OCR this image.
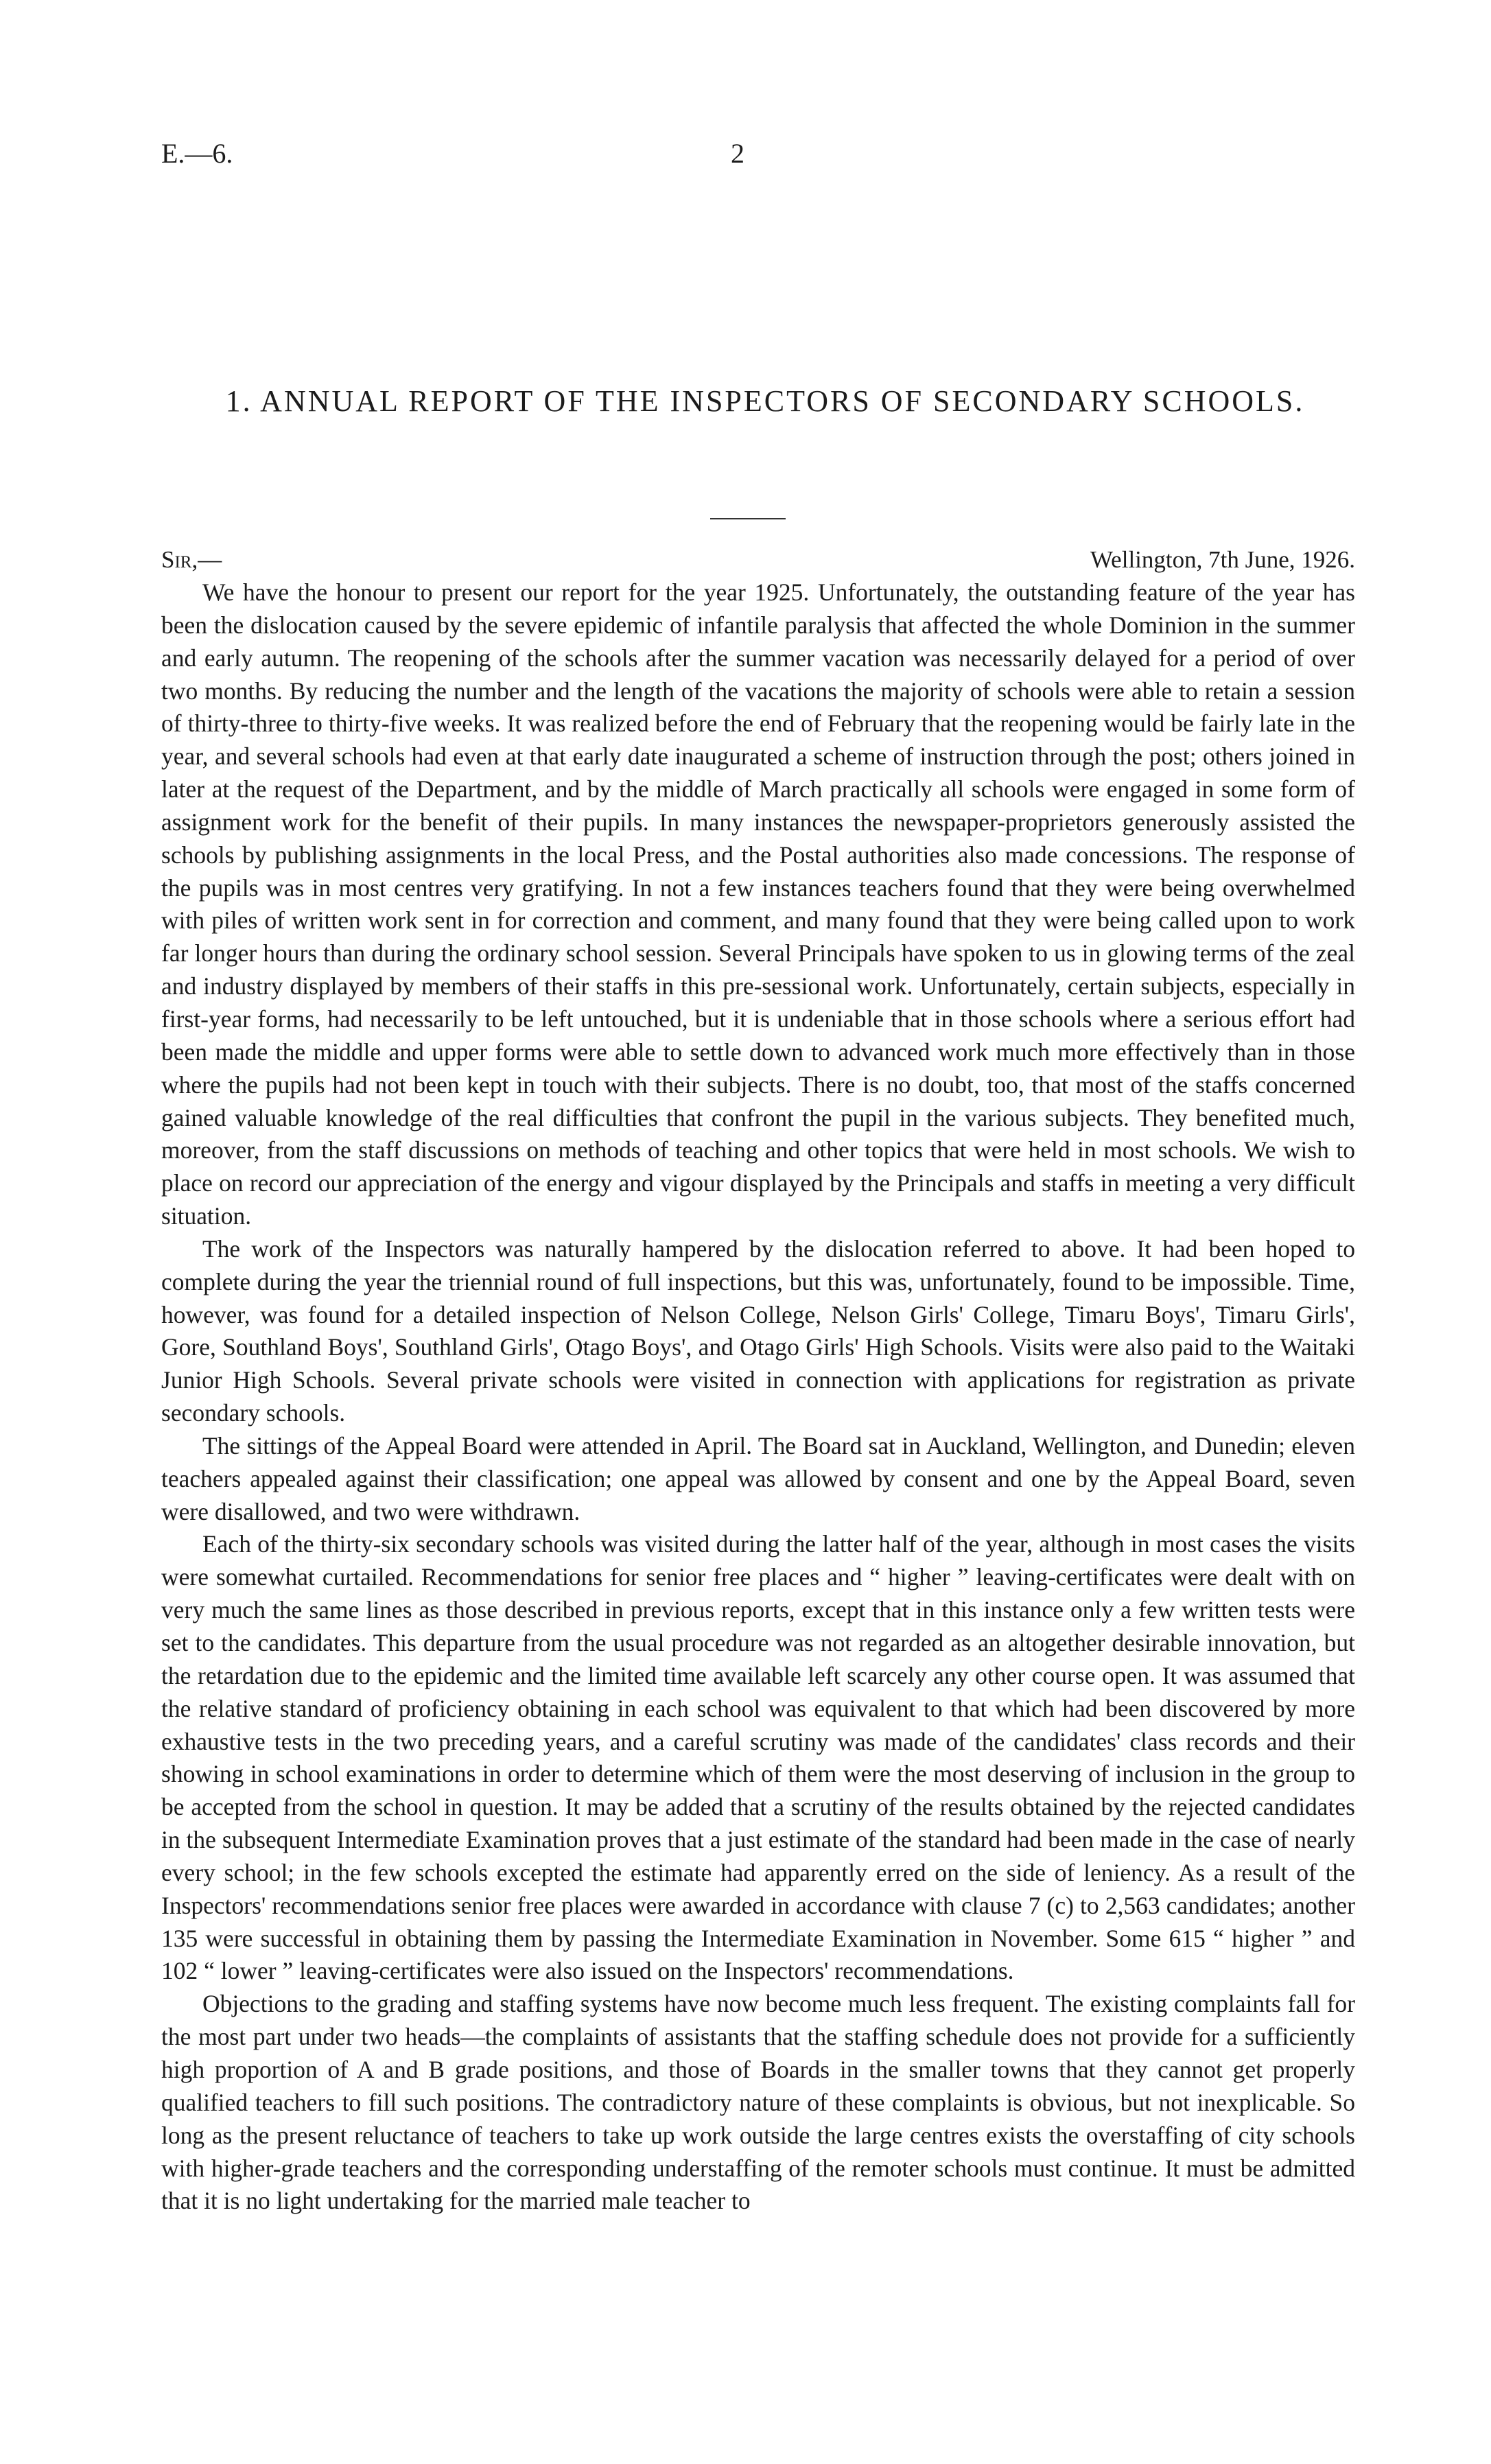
E.—6.	2
1. ANNUAL REPORT OF THE INSPECTORS OF SECONDARY SCHOOLS.
Sir,—	Wellington, 7th June, 1926.

We have the honour to present our report for the year 1925. Unfortunately, the outstanding feature of the year has been the dislocation caused by the severe epidemic of infantile paralysis that affected the whole Dominion in the summer and early autumn. The reopening of the schools after the summer vacation was necessarily delayed for a period of over two months. By reducing the number and the length of the vacations the majority of schools were able to retain a session of thirty-three to thirty-five weeks. It was realized before the end of February that the reopening would be fairly late in the year, and several schools had even at that early date inaugurated a scheme of instruction through the post; others joined in later at the request of the Department, and by the middle of March practically all schools were engaged in some form of assignment work for the benefit of their pupils. In many instances the newspaper-proprietors generously assisted the schools by publishing assignments in the local Press, and the Postal authorities also made concessions. The response of the pupils was in most centres very gratifying. In not a few instances teachers found that they were being overwhelmed with piles of written work sent in for correction and comment, and many found that they were being called upon to work far longer hours than during the ordinary school session. Several Principals have spoken to us in glowing terms of the zeal and industry displayed by members of their staffs in this pre-sessional work. Unfortunately, certain subjects, especially in first-year forms, had necessarily to be left untouched, but it is undeniable that in those schools where a serious effort had been made the middle and upper forms were able to settle down to advanced work much more effectively than in those where the pupils had not been kept in touch with their subjects. There is no doubt, too, that most of the staffs concerned gained valuable knowledge of the real difficulties that confront the pupil in the various subjects. They benefited much, moreover, from the staff discussions on methods of teaching and other topics that were held in most schools. We wish to place on record our appreciation of the energy and vigour displayed by the Principals and staffs in meeting a very difficult situation.

The work of the Inspectors was naturally hampered by the dislocation referred to above. It had been hoped to complete during the year the triennial round of full inspections, but this was, unfortunately, found to be impossible. Time, however, was found for a detailed inspection of Nelson College, Nelson Girls' College, Timaru Boys', Timaru Girls', Gore, Southland Boys', Southland Girls', Otago Boys', and Otago Girls' High Schools. Visits were also paid to the Waitaki Junior High Schools. Several private schools were visited in connection with applications for registration as private secondary schools.

The sittings of the Appeal Board were attended in April. The Board sat in Auckland, Wellington, and Dunedin; eleven teachers appealed against their classification; one appeal was allowed by consent and one by the Appeal Board, seven were disallowed, and two were withdrawn.

Each of the thirty-six secondary schools was visited during the latter half of the year, although in most cases the visits were somewhat curtailed. Recommendations for senior free places and “ higher ” leaving-certificates were dealt with on very much the same lines as those described in previous reports, except that in this instance only a few written tests were set to the candidates. This departure from the usual procedure was not regarded as an altogether desirable innovation, but the retardation due to the epidemic and the limited time available left scarcely any other course open. It was assumed that the relative standard of proficiency obtaining in each school was equivalent to that which had been discovered by more exhaustive tests in the two preceding years, and a careful scrutiny was made of the candidates' class records and their showing in school examinations in order to determine which of them were the most deserving of inclusion in the group to be accepted from the school in question. It may be added that a scrutiny of the results obtained by the rejected candidates in the subsequent Intermediate Examination proves that a just estimate of the standard had been made in the case of nearly every school; in the few schools excepted the estimate had apparently erred on the side of leniency. As a result of the Inspectors' recommendations senior free places were awarded in accordance with clause 7 (c) to 2,563 candidates; another 135 were successful in obtaining them by passing the Intermediate Examination in November. Some 615 “ higher ” and 102 “ lower ” leaving-certificates were also issued on the Inspectors' recommendations.

Objections to the grading and staffing systems have now become much less frequent. The existing complaints fall for the most part under two heads—the complaints of assistants that the staffing schedule does not provide for a sufficiently high proportion of A and B grade positions, and those of Boards in the smaller towns that they cannot get properly qualified teachers to fill such positions. The contradictory nature of these complaints is obvious, but not inexplicable. So long as the present reluctance of teachers to take up work outside the large centres exists the overstaffing of city schools with higher-grade teachers and the corresponding understaffing of the remoter schools must continue. It must be admitted that it is no light undertaking for the married male teacher to
